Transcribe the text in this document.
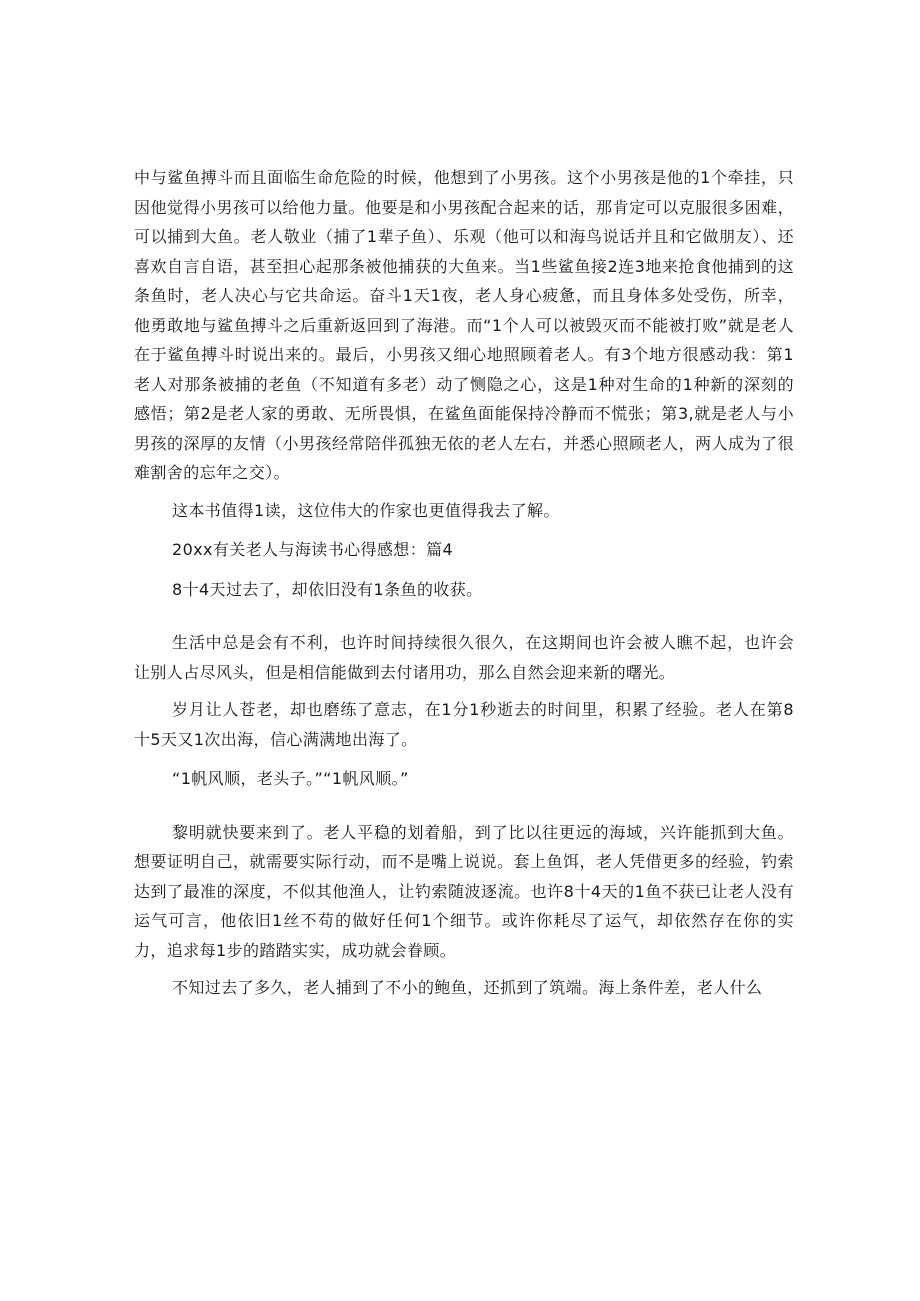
中与鲨鱼搏斗而且面临生命危险的时候，他想到了小男孩。这个小男孩是他的1个牵挂，只因他觉得小男孩可以给他力量。他要是和小男孩配合起来的话，那肯定可以克服很多困难，可以捕到大鱼。老人敬业（捕了1辈子鱼）、乐观（他可以和海鸟说话并且和它做朋友）、还喜欢自言自语，甚至担心起那条被他捕获的大鱼来。当1些鲨鱼接2连3地来抢食他捕到的这条鱼时，老人决心与它共命运。奋斗1天1夜，老人身心疲惫，而且身体多处受伤，所幸，他勇敢地与鲨鱼搏斗之后重新返回到了海港。而“1个人可以被毁灭而不能被打败”就是老人在于鲨鱼搏斗时说出来的。最后，小男孩又细心地照顾着老人。有3个地方很感动我：第1老人对那条被捕的老鱼（不知道有多老）动了恻隐之心，这是1种对生命的1种新的深刻的感悟；第2是老人家的勇敢、无所畏惧，在鲨鱼面能保持冷静而不慌张；第3,就是老人与小男孩的深厚的友情（小男孩经常陪伴孤独无依的老人左右，并悉心照顾老人，两人成为了很难割舍的忘年之交）。

这本书值得1读，这位伟大的作家也更值得我去了解。

20xx有关老人与海读书心得感想：篇4

8十4天过去了，却依旧没有1条鱼的收获。

生活中总是会有不利，也许时间持续很久很久，在这期间也许会被人瞧不起，也许会让别人占尽风头，但是相信能做到去付诸用功，那么自然会迎来新的曙光。

岁月让人苍老，却也磨练了意志，在1分1秒逝去的时间里，积累了经验。老人在第8十5天又1次出海，信心满满地出海了。

“1帆风顺，老头子。”“1帆风顺。”

黎明就快要来到了。老人平稳的划着船，到了比以往更远的海域，兴许能抓到大鱼。想要证明自己，就需要实际行动，而不是嘴上说说。套上鱼饵，老人凭借更多的经验，钓索达到了最准的深度，不似其他渔人，让钓索随波逐流。也许8十4天的1鱼不获已让老人没有运气可言，他依旧1丝不苟的做好任何1个细节。或许你耗尽了运气，却依然存在你的实力，追求每1步的踏踏实实，成功就会眷顾。

不知过去了多久，老人捕到了不小的鲍鱼，还抓到了筑端。海上条件差，老人什么
